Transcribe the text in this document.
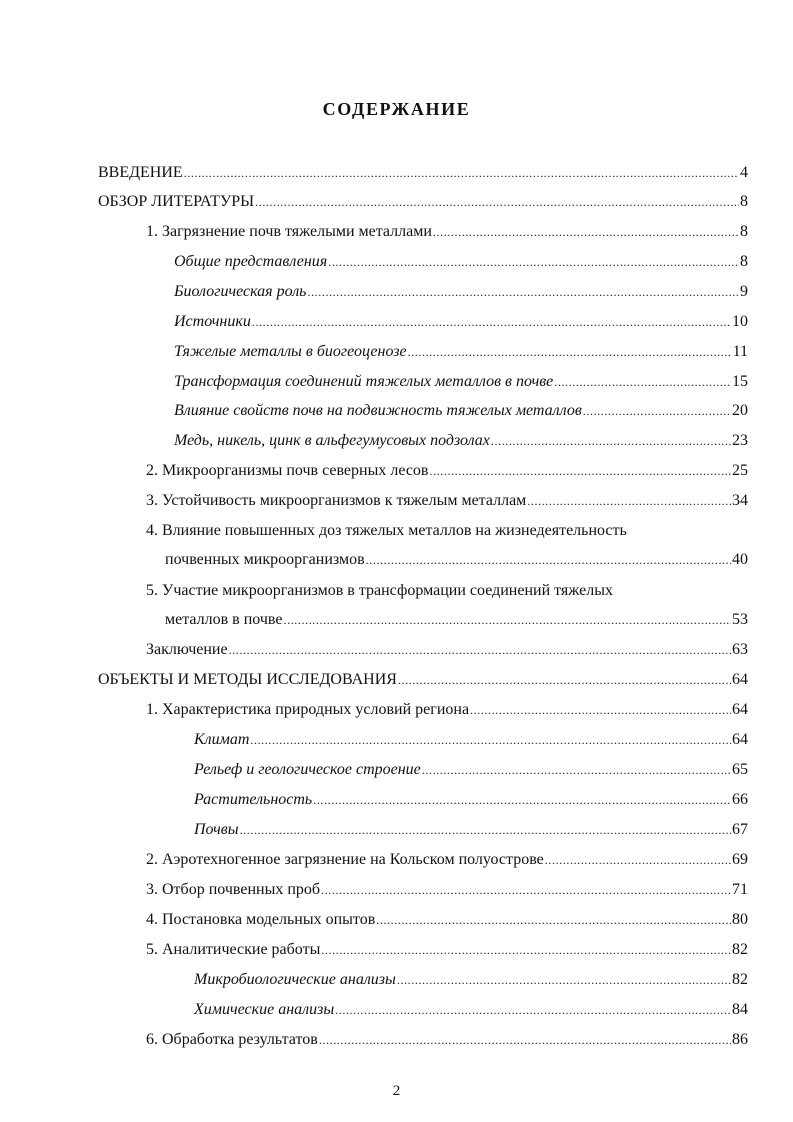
СОДЕРЖАНИЕ
ВВЕДЕНИЕ .....	4
ОБЗОР ЛИТЕРАТУРЫ .....	8
1. Загрязнение почв тяжелыми металлами .....	8
Общие представления .....	8
Биологическая роль .....	9
Источники .....	10
Тяжелые металлы в биогеоценозе .....	11
Трансформация соединений тяжелых металлов в почве .....	15
Влияние свойств почв на подвижность тяжелых металлов .....	20
Медь, никель, цинк в альфегумусовых подзолах .....	23
2. Микроорганизмы почв северных лесов .....	25
3. Устойчивость микроорганизмов к тяжелым металлам .....	34
4. Влияние повышенных доз тяжелых металлов на жизнедеятельность
почвенных микроорганизмов .....	40
5. Участие микроорганизмов в трансформации соединений тяжелых
металлов в почве .....	53
Заключение .....	63
ОБЪЕКТЫ И МЕТОДЫ ИССЛЕДОВАНИЯ .....	64
1. Характеристика природных условий региона .....	64
Климат .....	64
Рельеф и геологическое строение .....	65
Растительность .....	66
Почвы .....	67
2. Аэротехногенное загрязнение на Кольском полуострове .....	69
3. Отбор почвенных проб .....	71
4. Постановка модельных опытов .....	80
5. Аналитические работы .....	82
Микробиологические анализы .....	82
Химические анализы .....	84
6. Обработка результатов .....	86
2
